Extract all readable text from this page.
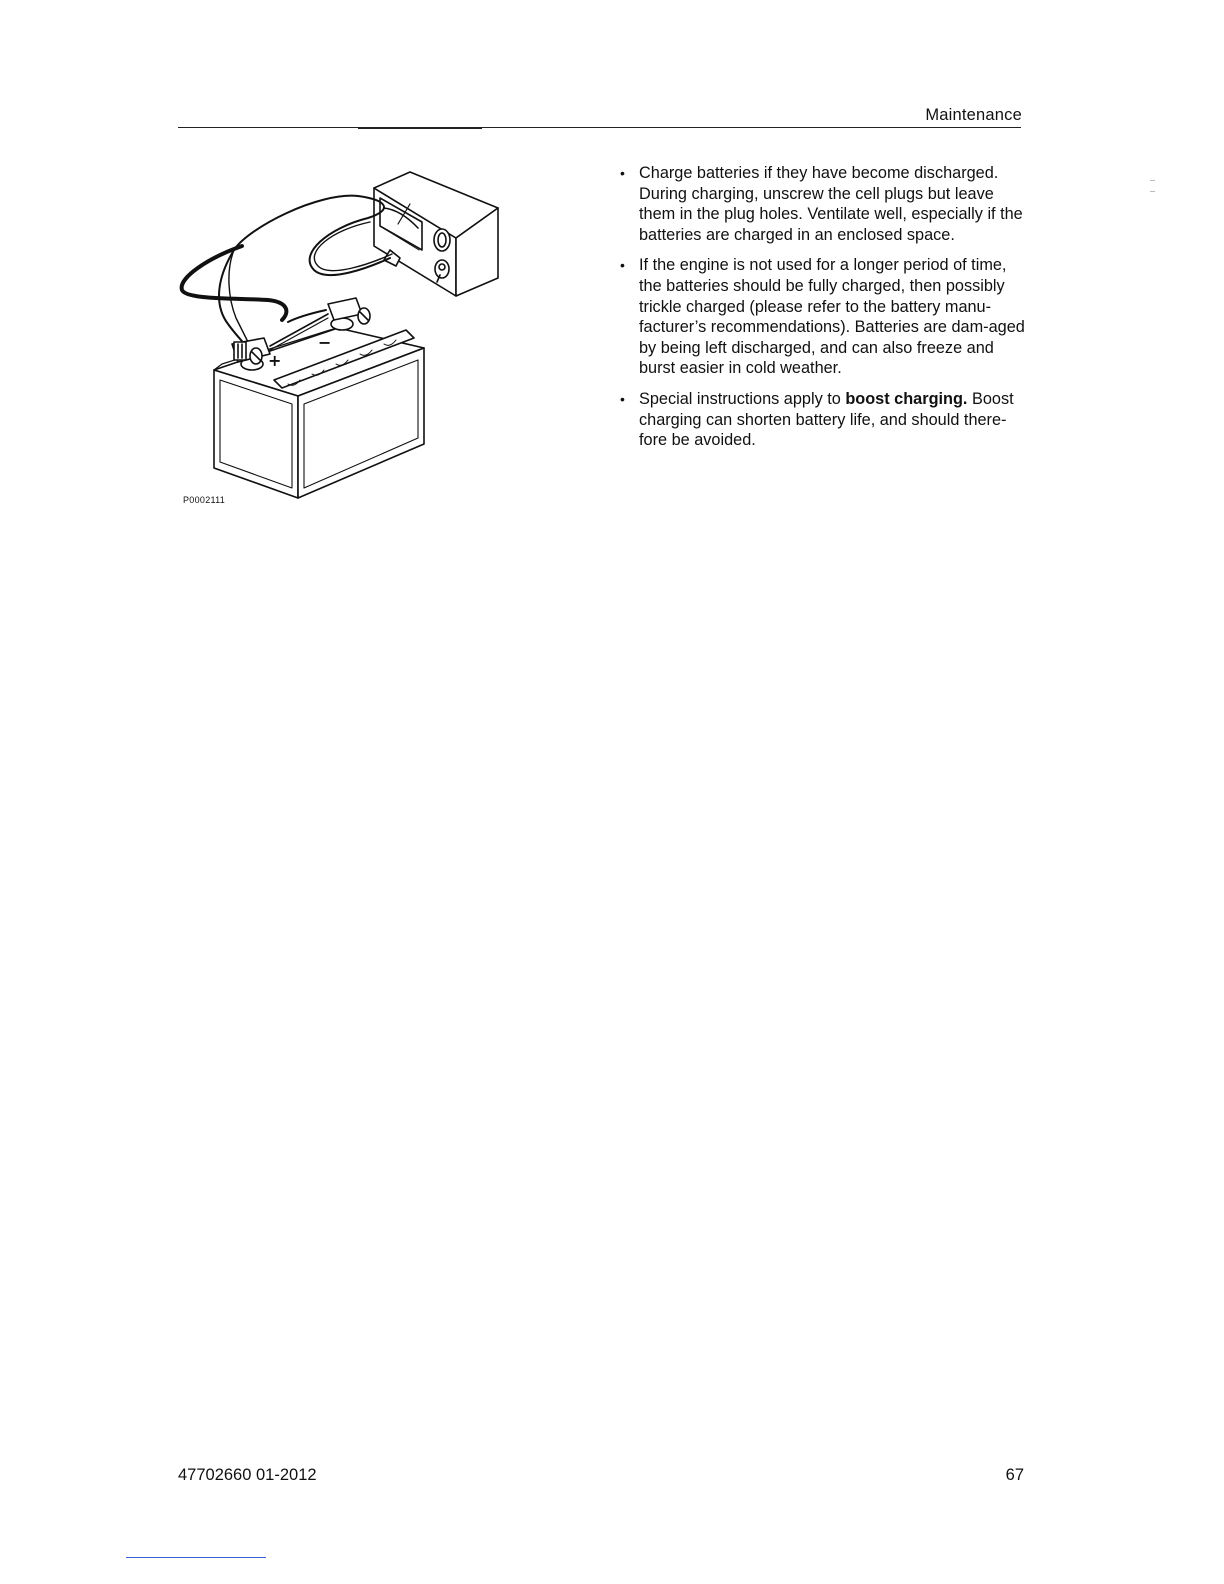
Maintenance
+
−
P0002111
• Charge batteries if they have become discharged. During charging, unscrew the cell plugs but leave them in the plug holes. Ventilate well, especially if the batteries are charged in an enclosed space.
• If the engine is not used for a longer period of time, the batteries should be fully charged, then possibly trickle charged (please refer to the battery manu-facturer’s recommendations). Batteries are dam-aged by being left discharged, and can also freeze and burst easier in cold weather.
• Special instructions apply to boost charging. Boost charging can shorten battery life, and should there-fore be avoided.
47702660 01-2012	67
